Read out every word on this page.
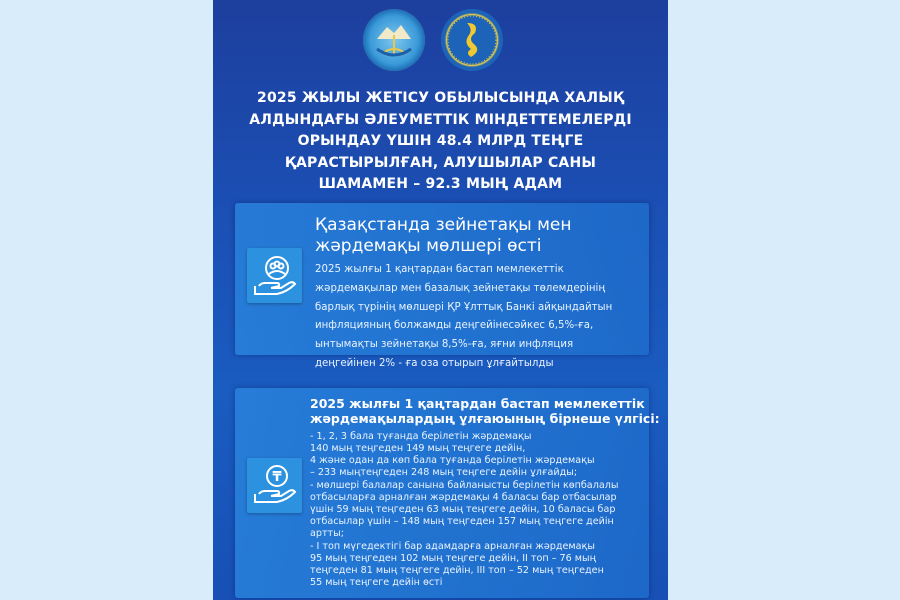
2025 ЖЫЛЫ ЖЕТІСУ ОБЫЛЫСЫНДА ХАЛЫҚ
АЛДЫНДАҒЫ ӘЛЕУМЕТТІК МІНДЕТТЕМЕЛЕРДІ
ОРЫНДАУ ҮШІН 48.4 МЛРД ТЕҢГЕ
ҚАРАСТЫРЫЛҒАН, АЛУШЫЛАР САНЫ
ШАМАМЕН – 92.3 МЫҢ АДАМ
Қазақстанда зейнетақы мен
жәрдемақы мөлшері өсті
2025 жылғы 1 қаңтардан бастап мемлекеттік
жәрдемақылар мен базалық зейнетақы төлемдерінің
барлық түрінің мөлшері ҚР Ұлттық Банкі айқындайтын
инфляцияның болжамды деңгейінесәйкес 6,5%-ға,
ынтымақты зейнетақы 8,5%-ға, яғни инфляция
деңгейінен 2% - ға оза отырып ұлғайтылды
₸
2025 жылғы 1 қаңтардан бастап мемлекеттік
жәрдемақылардың ұлғаюының бірнеше үлгісі:
- 1, 2, 3 бала туғанда берілетін жәрдемақы
140 мың теңгеден 149 мың теңгеге дейін,
4 және одан да көп бала туғанда берілетін жәрдемақы
– 233 мыңтеңгеден 248 мың теңгеге дейін ұлғайды;
- мөлшері балалар санына байланысты берілетін көпбалалы
отбасыларға арналған жәрдемақы 4 баласы бар отбасылар
үшін 59 мың теңгеден 63 мың теңгеге дейін, 10 баласы бар
отбасылар үшін – 148 мың теңгеден 157 мың теңгеге дейін
артты;
- I топ мүгедектігі бар адамдарға арналған жәрдемақы
95 мың теңгеден 102 мың теңгеге дейін, II топ – 76 мың
теңгеден 81 мың теңгеге дейін, III топ – 52 мың теңгеден
55 мың теңгеге дейін өсті
